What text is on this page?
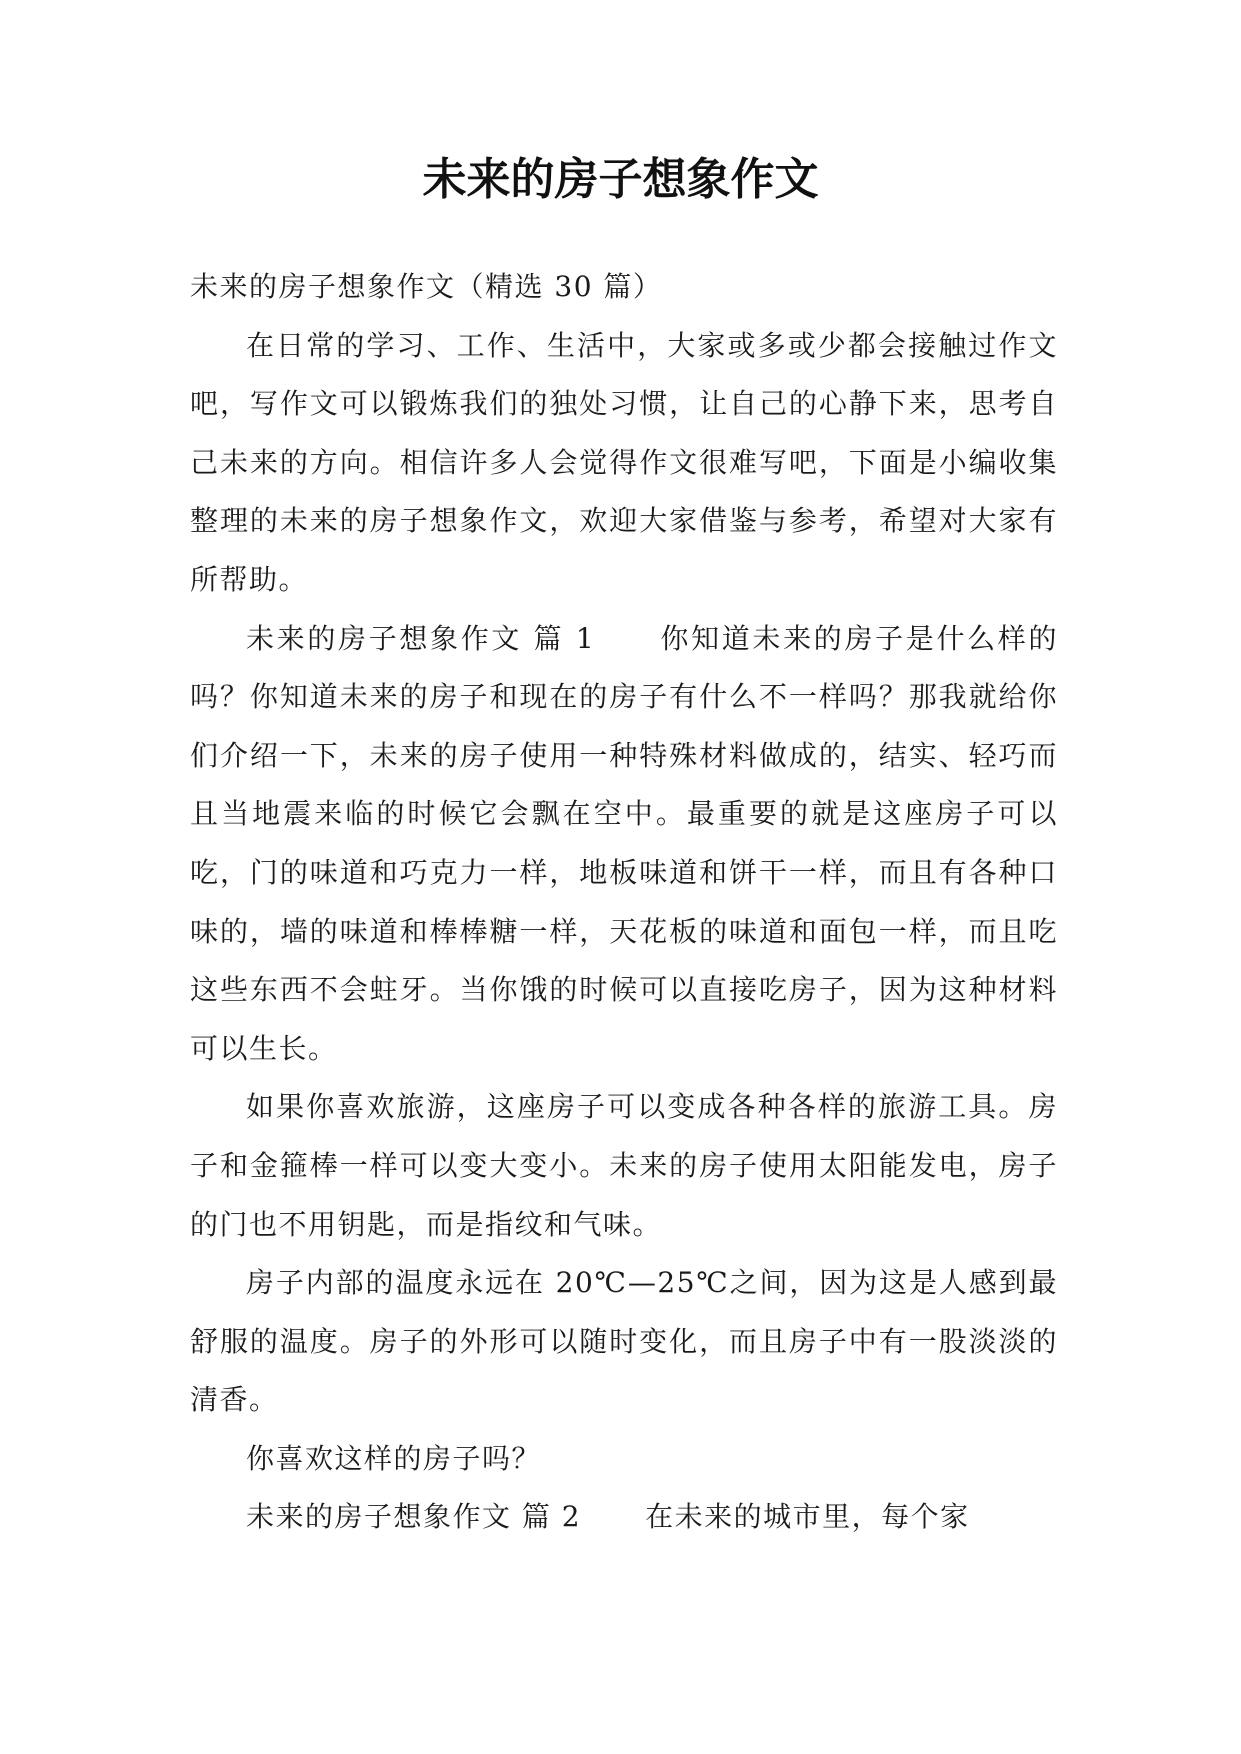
未来的房子想象作文

未来的房子想象作文（精选 30 篇）

在日常的学习、工作、生活中，大家或多或少都会接触过作文吧，写作文可以锻炼我们的独处习惯，让自己的心静下来，思考自己未来的方向。相信许多人会觉得作文很难写吧，下面是小编收集整理的未来的房子想象作文，欢迎大家借鉴与参考，希望对大家有所帮助。

未来的房子想象作文 篇 1 你知道未来的房子是什么样的吗？你知道未来的房子和现在的房子有什么不一样吗？那我就给你们介绍一下，未来的房子使用一种特殊材料做成的，结实、轻巧而且当地震来临的时候它会飘在空中。最重要的就是这座房子可以吃，门的味道和巧克力一样，地板味道和饼干一样，而且有各种口味的，墙的味道和棒棒糖一样，天花板的味道和面包一样，而且吃这些东西不会蛀牙。当你饿的时候可以直接吃房子，因为这种材料可以生长。

如果你喜欢旅游，这座房子可以变成各种各样的旅游工具。房子和金箍棒一样可以变大变小。未来的房子使用太阳能发电，房子的门也不用钥匙，而是指纹和气味。

房子内部的温度永远在 20℃—25℃之间，因为这是人感到最舒服的温度。房子的外形可以随时变化，而且房子中有一股淡淡的清香。

你喜欢这样的房子吗？

未来的房子想象作文 篇 2 在未来的城市里，每个家
